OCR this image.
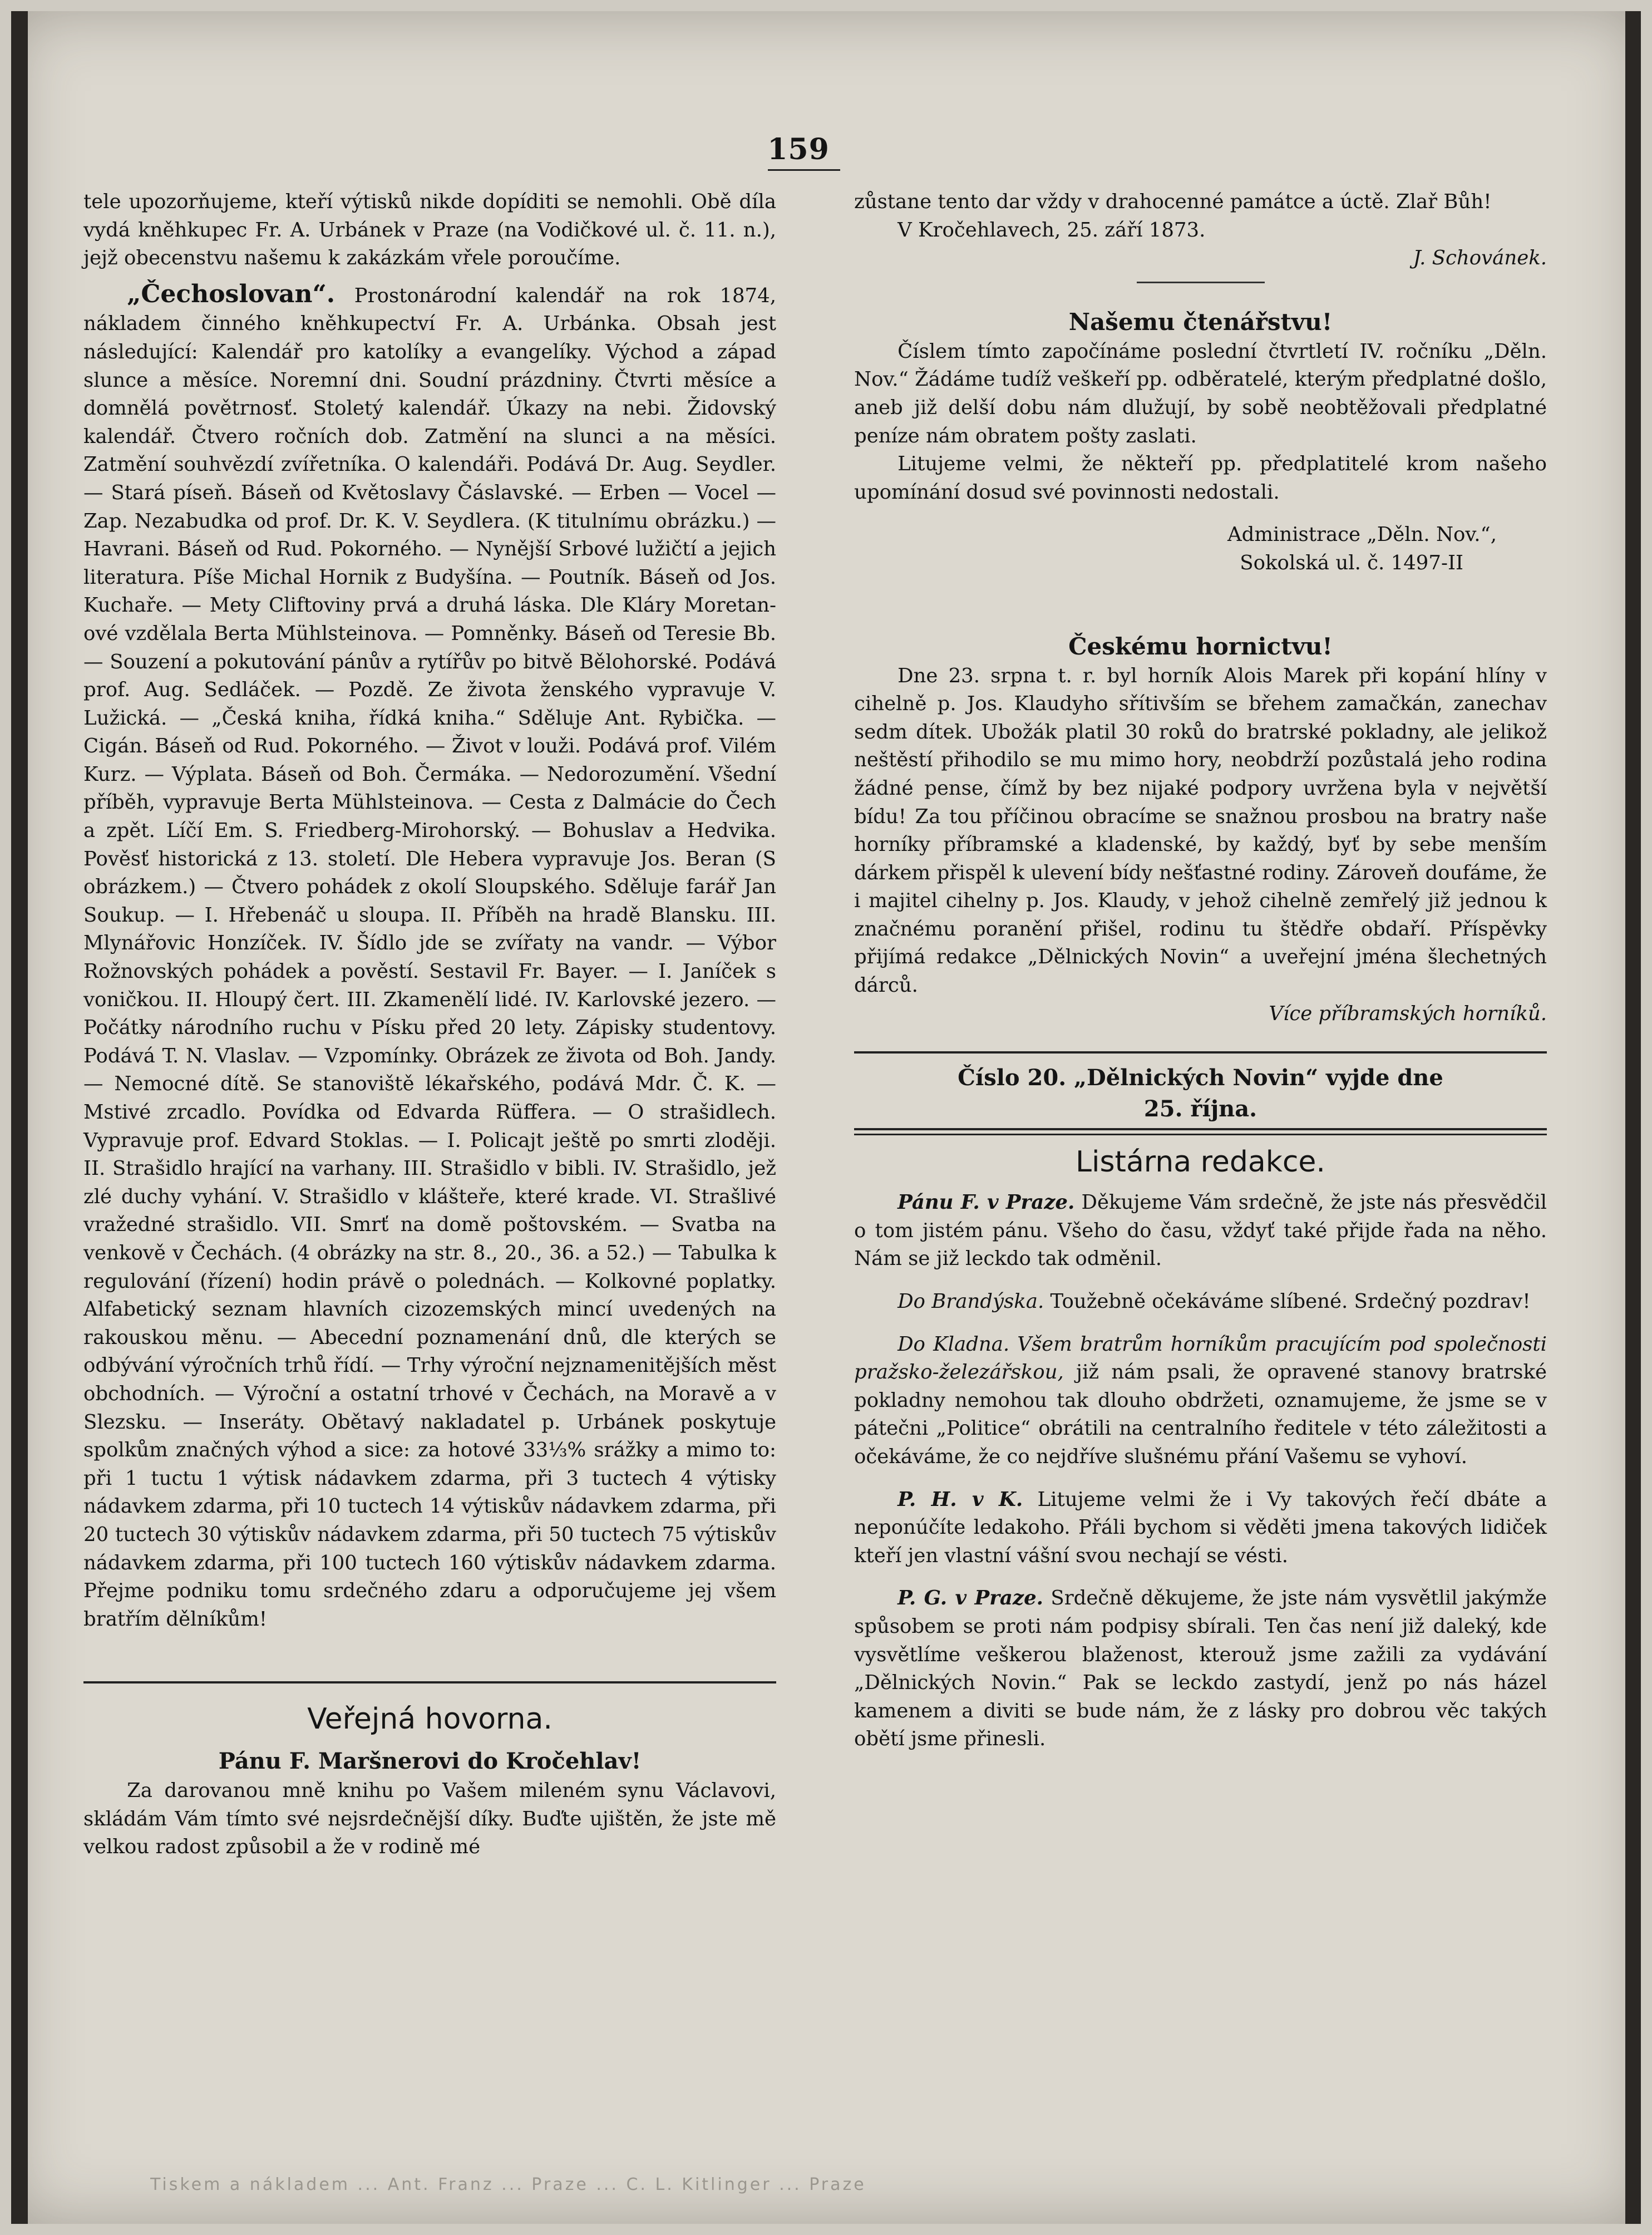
159

tele upozorňujeme, kteří výtisků nikde dopíditi se nemohli. Obě díla vydá kněhkupec Fr. A. Urbánek v Praze (na Vodičkové ul. č. 11. n.), jejž obecenstvu našemu k zakázkám vřele poroučíme.

„Čechoslovan“. Prostonárodní kalendář na rok 1874, nákladem činného kněhkupectví Fr. A. Urbánka. Obsah jest následující: Kalendář pro katolíky a evangelíky. Východ a západ slunce a měsíce. Noremní dni. Soudní prázdniny. Čtvrti měsíce a domnělá povětrnosť. Stoletý kalendář. Úkazy na nebi. Židovský kalendář. Čtvero ročních dob. Zatmění na slunci a na měsíci. Zatmění souhvězdí zvířetníka. O kalendáři. Podává Dr. Aug. Seydler. — Stará píseň. Báseň od Květoslavy Čáslavské. — Erben — Vocel — Zap. Nezabudka od prof. Dr. K. V. Seydlera. (K titulnímu obrázku.) — Havrani. Báseň od Rud. Pokorného. — Nynější Srbové lužičtí a jejich literatura. Píše Michal Hornik z Budyšína. — Poutník. Báseň od Jos. Kuchaře. — Mety Cliftoviny prvá a druhá láska. Dle Kláry Moretan-ové vzdělala Berta Mühlsteinova. — Pomněnky. Báseň od Teresie Bb. — Souzení a pokutování pánův a rytířův po bitvě Bělohorské. Podává prof. Aug. Sedláček. — Pozdě. Ze života ženského vypravuje V. Lužická. — „Česká kniha, řídká kniha.“ Sděluje Ant. Rybička. — Cigán. Báseň od Rud. Pokorného. — Život v louži. Podává prof. Vilém Kurz. — Výplata. Báseň od Boh. Čermáka. — Nedorozumění. Všední příběh, vypravuje Berta Mühlsteinova. — Cesta z Dalmácie do Čech a zpět. Líčí Em. S. Friedberg-Mirohorský. — Bohuslav a Hedvika. Pověsť historická z 13. století. Dle Hebera vypravuje Jos. Beran (S obrázkem.) — Čtvero pohádek z okolí Sloupského. Sděluje farář Jan Soukup. — I. Hřebenáč u sloupa. II. Příběh na hradě Blansku. III. Mlynářovic Honzíček. IV. Šídlo jde se zvířaty na vandr. — Výbor Rožnovských pohádek a pověstí. Sestavil Fr. Bayer. — I. Janíček s voničkou. II. Hloupý čert. III. Zkamenělí lidé. IV. Karlovské jezero. — Počátky národního ruchu v Písku před 20 lety. Zápisky studentovy. Podává T. N. Vlaslav. — Vzpomínky. Obrázek ze života od Boh. Jandy. — Nemocné dítě. Se stanoviště lékařského, podává Mdr. Č. K. — Mstivé zrcadlo. Povídka od Edvarda Rüffera. — O strašidlech. Vypravuje prof. Edvard Stoklas. — I. Policajt ještě po smrti zloději. II. Strašidlo hrající na varhany. III. Strašidlo v bibli. IV. Strašidlo, jež zlé duchy vyhání. V. Strašidlo v klášteře, které krade. VI. Strašlivé vražedné strašidlo. VII. Smrť na domě poštovském. — Svatba na venkově v Čechách. (4 obrázky na str. 8., 20., 36. a 52.) — Tabulka k regulování (řízení) hodin právě o polednách. — Kolkovné poplatky. Alfabetický seznam hlavních cizozemských mincí uvedených na rakouskou měnu. — Abecední poznamenání dnů, dle kterých se odbývání výročních trhů řídí. — Trhy výroční nejznamenitějších měst obchodních. — Výroční a ostatní trhové v Čechách, na Moravě a v Slezsku. — Inseráty. Obětavý nakladatel p. Urbánek poskytuje spolkům značných výhod a sice: za hotové 33⅓% srážky a mimo to: při 1 tuctu 1 výtisk nádavkem zdarma, při 3 tuctech 4 výtisky nádavkem zdarma, při 10 tuctech 14 výtiskův nádavkem zdarma, při 20 tuctech 30 výtiskův nádavkem zdarma, při 50 tuctech 75 výtiskův nádavkem zdarma, při 100 tuctech 160 výtiskův nádavkem zdarma. Přejme podniku tomu srdečného zdaru a odporučujeme jej všem bratřím dělníkům!

Veřejná hovorna.
Pánu F. Maršnerovi do Kročehlav!

Za darovanou mně knihu po Vašem mileném synu Václavovi, skládám Vám tímto své nejsrdečnější díky. Buďte ujištěn, že jste mě velkou radost způsobil a že v rodině mé

zůstane tento dar vždy v drahocenné památce a úctě. Zlař Bůh!

V Kročehlavech, 25. září 1873.

J. Schovánek.

Našemu čtenářstvu!

Číslem tímto započínáme poslední čtvrtletí IV. ročníku „Děln. Nov.“ Žádáme tudíž veškeří pp. odběratelé, kterým předplatné došlo, aneb již delší dobu nám dlužují, by sobě neobtěžovali předplatné peníze nám obratem pošty zaslati.

Litujeme velmi, že někteří pp. předplatitelé krom našeho upomínání dosud své povinnosti nedostali.

Administrace „Děln. Nov.“,

Sokolská ul. č. 1497-II

Českému hornictvu!

Dne 23. srpna t. r. byl horník Alois Marek při kopání hlíny v cihelně p. Jos. Klaudyho sřítivším se břehem zamačkán, zanechav sedm dítek. Ubožák platil 30 roků do bratrské pokladny, ale jelikož neštěstí přihodilo se mu mimo hory, neobdrží pozůstalá jeho rodina žádné pense, čímž by bez nijaké podpory uvržena byla v největší bídu! Za tou příčinou obracíme se snažnou prosbou na bratry naše horníky příbramské a kladenské, by každý, byť by sebe menším dárkem přispěl k ulevení bídy nešťastné rodiny. Zároveň doufáme, že i majitel cihelny p. Jos. Klaudy, v jehož cihelně zemřelý již jednou k značnému poranění přišel, rodinu tu štědře obdaří. Příspěvky přijímá redakce „Dělnických Novin“ a uveřejní jména šlechetných dárců.

Více příbramských horníků.

Číslo 20. „Dělnických Novin“ vyjde dne
25. října.
Listárna redakce.

Pánu F. v Praze. Děkujeme Vám srdečně, že jste nás přesvědčil o tom jistém pánu. Všeho do času, vždyť také přijde řada na něho. Nám se již leckdo tak odměnil.

Do Brandýska. Toužebně očekáváme slíbené. Srdečný pozdrav!

Do Kladna. Všem bratrům horníkům pracujícím pod společnosti pražsko-železářskou, již nám psali, že opravené stanovy bratrské pokladny nemohou tak dlouho obdržeti, oznamujeme, že jsme se v pátečni „Politice“ obrátili na centralního ředitele v této záležitosti a očekáváme, že co nejdříve slušnému přání Vašemu se vyhoví.

P. H. v K. Litujeme velmi že i Vy takových řečí dbáte a neponúčíte ledakoho. Přáli bychom si věděti jmena takových lidiček kteří jen vlastní vášní svou nechají se vésti.

P. G. v Praze. Srdečně děkujeme, že jste nám vysvětlil jakýmže spůsobem se proti nám podpisy sbírali. Ten čas není již daleký, kde vysvětlíme veškerou blaženost, kterouž jsme zažili za vydávání „Dělnických Novin.“ Pak se leckdo zastydí, jenž po nás házel kamenem a diviti se bude nám, že z lásky pro dobrou věc takých obětí jsme přinesli.

Tiskem a nákladem ... Ant. Franz ... Praze ... C. L. Kitlinger ... Praze
